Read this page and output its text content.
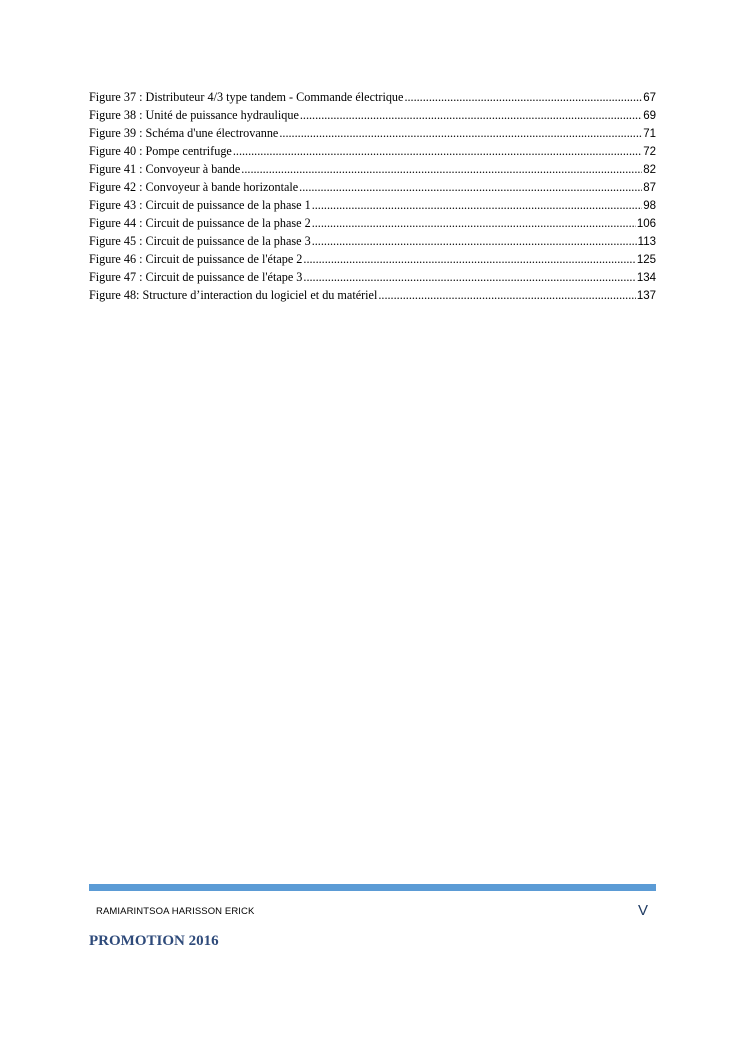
Figure 37 : Distributeur 4/3 type tandem - Commande électrique .....	67
Figure 38 : Unité de puissance hydraulique .....	69
Figure 39 : Schéma d'une électrovanne .....	71
Figure 40 : Pompe centrifuge .....	72
Figure 41 : Convoyeur à bande .....	82
Figure 42 : Convoyeur à bande horizontale .....	87
Figure 43 : Circuit de puissance de la phase 1 .....	98
Figure 44 : Circuit de puissance de la phase 2 .....	106
Figure 45 : Circuit de puissance de la phase 3 .....	113
Figure 46 : Circuit de puissance de l'étape 2 .....	125
Figure 47 : Circuit de puissance de l'étape 3 .....	134
Figure 48: Structure d’interaction du logiciel et du matériel .....	137
RAMIARINTSOA HARISSON ERICK	V
PROMOTION 2016
